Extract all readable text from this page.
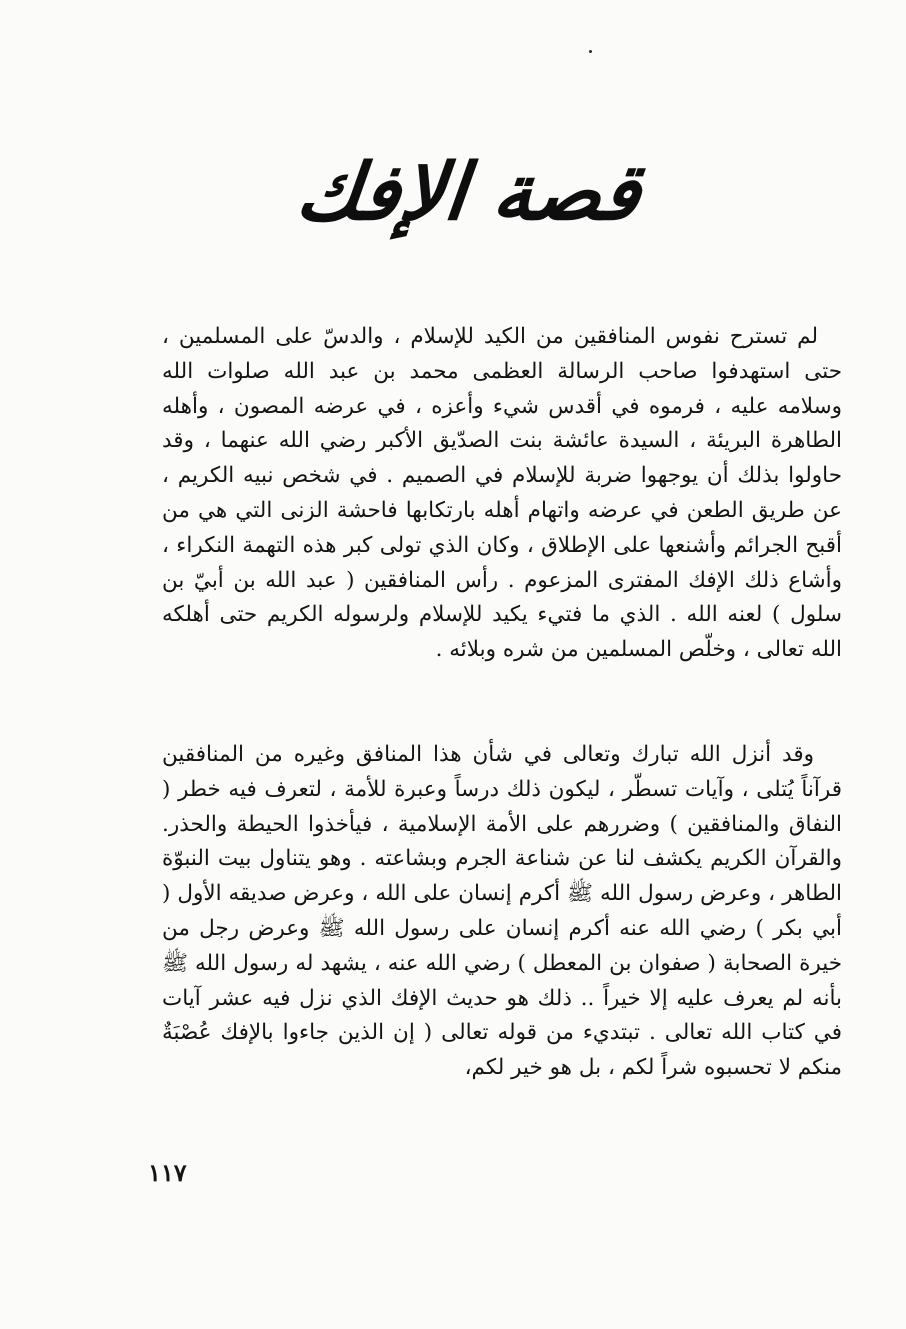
قصة الإفك

لم تسترح نفوس المنافقين من الكيد للإسلام ، والدسّ على المسلمين ، حتى استهدفوا صاحب الرسالة العظمى محمد بن عبد الله صلوات الله وسلامه عليه ، فرموه في أقدس شيء وأعزه ، في عرضه المصون ، وأهله الطاهرة البريئة ، السيدة عائشة بنت الصدّيق الأكبر رضي الله عنهما ، وقد حاولوا بذلك أن يوجهوا ضربة للإسلام في الصميم . في شخص نبيه الكريم ، عن طريق الطعن في عرضه واتهام أهله بارتكابها فاحشة الزنى التي هي من أقبح الجرائم وأشنعها على الإطلاق ، وكان الذي تولى كبر هذه التهمة النكراء ، وأشاع ذلك الإفك المفترى المزعوم . رأس المنافقين ( عبد الله بن أبيّ بن سلول ) لعنه الله . الذي ما فتيء يكيد للإسلام ولرسوله الكريم حتى أهلكه الله تعالى ، وخلّص المسلمين من شره وبلائه .

وقد أنزل الله تبارك وتعالى في شأن هذا المنافق وغيره من المنافقين قرآناً يُتلى ، وآيات تسطّر ، ليكون ذلك درساً وعبرة للأمة ، لتعرف فيه خطر ( النفاق والمنافقين ) وضررهم على الأمة الإسلامية ، فيأخذوا الحيطة والحذر. والقرآن الكريم يكشف لنا عن شناعة الجرم وبشاعته . وهو يتناول بيت النبوّة الطاهر ، وعرض رسول الله ﷺ أكرم إنسان على الله ، وعرض صديقه الأول ( أبي بكر ) رضي الله عنه أكرم إنسان على رسول الله ﷺ وعرض رجل من خيرة الصحابة ( صفوان بن المعطل ) رضي الله عنه ، يشهد له رسول الله ﷺ بأنه لم يعرف عليه إلا خيراً .. ذلك هو حديث الإفك الذي نزل فيه عشر آيات في كتاب الله تعالى . تبتديء من قوله تعالى ( إن الذين جاءوا بالإفك عُصْبَةٌ منكم لا تحسبوه شراً لكم ، بل هو خير لكم،

١١٧
